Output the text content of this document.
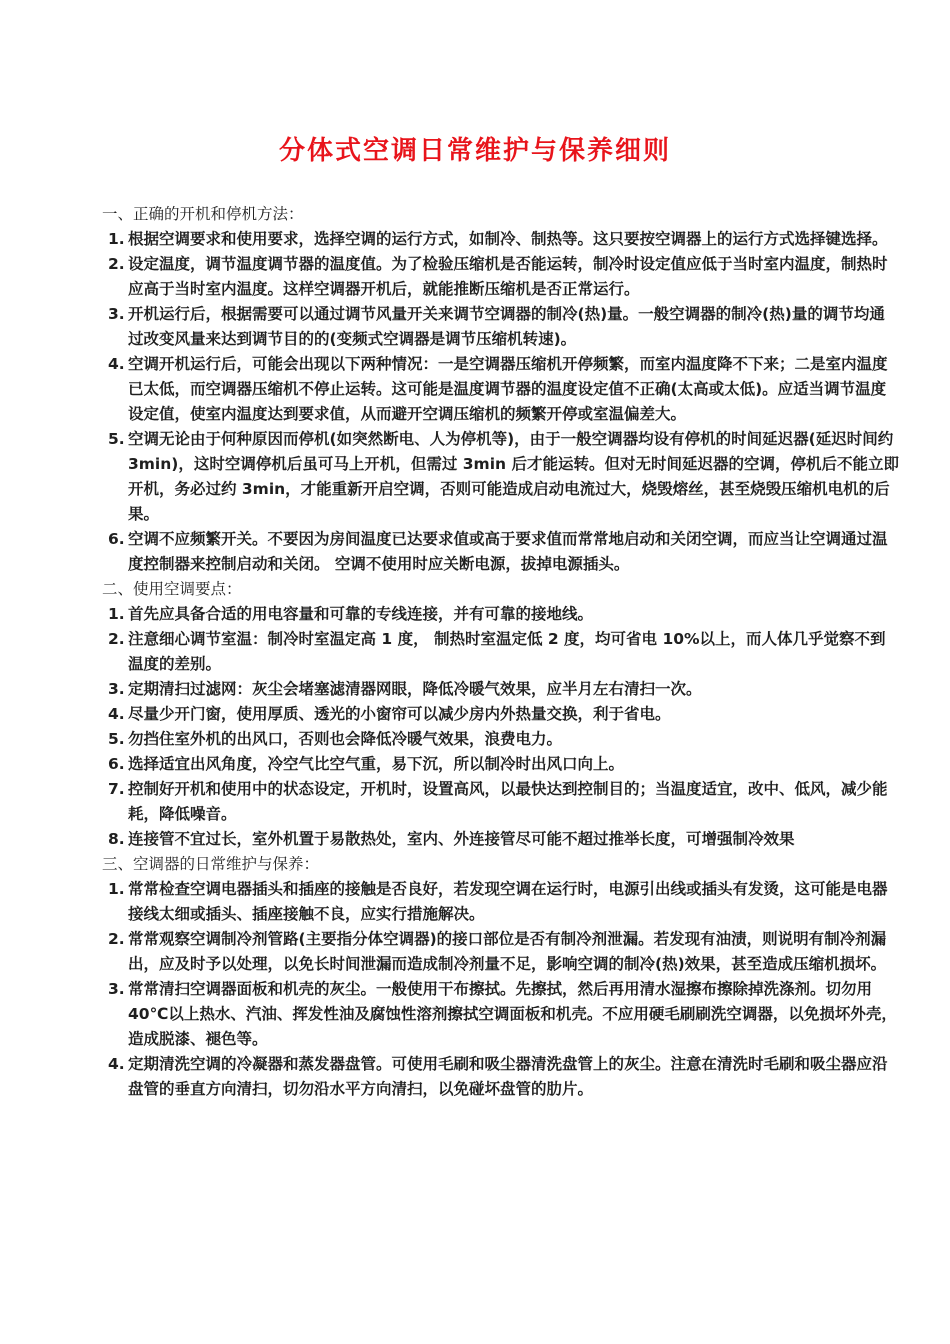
分体式空调日常维护与保养细则

一、正确的开机和停机方法：

1. 根据空调要求和使用要求，选择空调的运行方式，如制冷、制热等。这只要按空调器上的运行方式选择键选择。
2. 设定温度，调节温度调节器的温度值。为了检验压缩机是否能运转，制冷时设定值应低于当时室内温度，制热时应高于当时室内温度。这样空调器开机后，就能推断压缩机是否正常运行。
3. 开机运行后，根据需要可以通过调节风量开关来调节空调器的制冷(热)量。一般空调器的制冷(热)量的调节均通过改变风量来达到调节目的的(变频式空调器是调节压缩机转速)。
4. 空调开机运行后，可能会出现以下两种情况：一是空调器压缩机开停频繁，而室内温度降不下来；二是室内温度已太低，而空调器压缩机不停止运转。这可能是温度调节器的温度设定值不正确(太高或太低)。应适当调节温度设定值，使室内温度达到要求值，从而避开空调压缩机的频繁开停或室温偏差大。
5. 空调无论由于何种原因而停机(如突然断电、人为停机等)，由于一般空调器均设有停机的时间延迟器(延迟时间约 3min)，这时空调停机后虽可马上开机，但需过 3min 后才能运转。但对无时间延迟器的空调，停机后不能立即开机，务必过约 3min，才能重新开启空调，否则可能造成启动电流过大，烧毁熔丝，甚至烧毁压缩机电机的后果。
6. 空调不应频繁开关。不要因为房间温度已达要求值或高于要求值而常常地启动和关闭空调，而应当让空调通过温度控制器来控制启动和关闭。 空调不使用时应关断电源，拔掉电源插头。

二、使用空调要点：

1. 首先应具备合适的用电容量和可靠的专线连接，并有可靠的接地线。
2. 注意细心调节室温：制冷时室温定高 1 度， 制热时室温定低 2 度，均可省电 10%以上，而人体几乎觉察不到温度的差别。
3. 定期清扫过滤网：灰尘会堵塞滤清器网眼，降低冷暖气效果，应半月左右清扫一次。
4. 尽量少开门窗，使用厚质、透光的小窗帘可以减少房内外热量交换，利于省电。
5. 勿挡住室外机的出风口，否则也会降低冷暖气效果，浪费电力。
6. 选择适宜出风角度，冷空气比空气重，易下沉，所以制冷时出风口向上。
7. 控制好开机和使用中的状态设定，开机时，设置高风，以最快达到控制目的；当温度适宜，改中、低风，减少能耗，降低噪音。
8. 连接管不宜过长，室外机置于易散热处，室内、外连接管尽可能不超过推举长度，可增强制冷效果

三、空调器的日常维护与保养：

1. 常常检查空调电器插头和插座的接触是否良好，若发现空调在运行时，电源引出线或插头有发烫，这可能是电器接线太细或插头、插座接触不良，应实行措施解决。
2. 常常观察空调制冷剂管路(主要指分体空调器)的接口部位是否有制冷剂泄漏。若发现有油渍，则说明有制冷剂漏出，应及时予以处理，以免长时间泄漏而造成制冷剂量不足，影响空调的制冷(热)效果，甚至造成压缩机损坏。
3. 常常清扫空调器面板和机壳的灰尘。一般使用干布擦拭。先擦拭，然后再用清水湿擦布擦除掉洗涤剂。切勿用 40℃以上热水、汽油、挥发性油及腐蚀性溶剂擦拭空调面板和机壳。不应用硬毛刷刷洗空调器，以免损坏外壳，造成脱漆、褪色等。
4. 定期清洗空调的冷凝器和蒸发器盘管。可使用毛刷和吸尘器清洗盘管上的灰尘。注意在清洗时毛刷和吸尘器应沿盘管的垂直方向清扫，切勿沿水平方向清扫，以免碰坏盘管的肋片。
